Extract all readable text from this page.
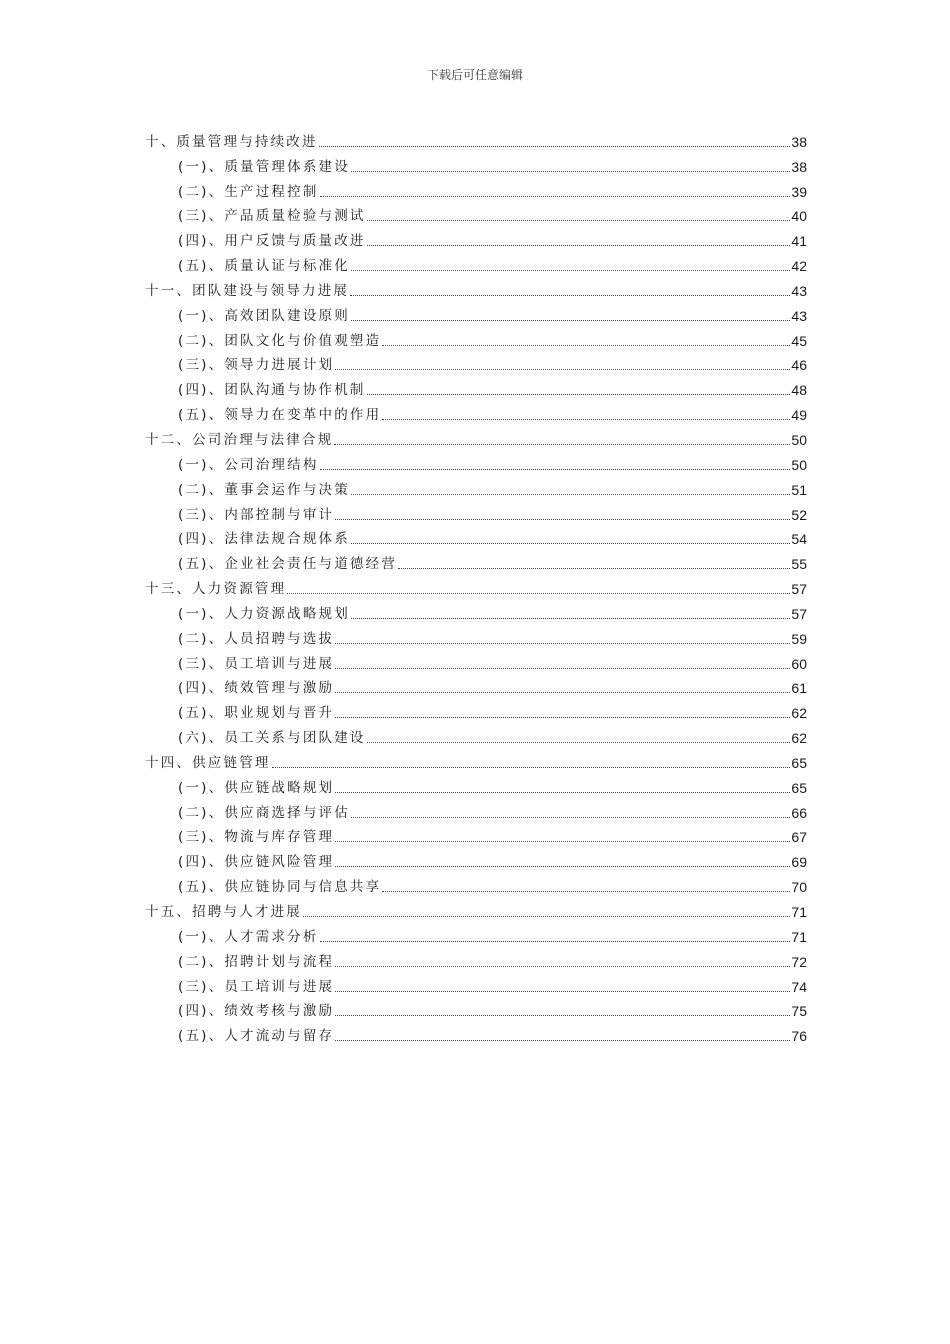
下载后可任意编辑
十、质量管理与持续改进	38
(一)、质量管理体系建设	38
(二)、生产过程控制	39
(三)、产品质量检验与测试	40
(四)、用户反馈与质量改进	41
(五)、质量认证与标准化	42
十一、团队建设与领导力进展	43
(一)、高效团队建设原则	43
(二)、团队文化与价值观塑造	45
(三)、领导力进展计划	46
(四)、团队沟通与协作机制	48
(五)、领导力在变革中的作用	49
十二、公司治理与法律合规	50
(一)、公司治理结构	50
(二)、董事会运作与决策	51
(三)、内部控制与审计	52
(四)、法律法规合规体系	54
(五)、企业社会责任与道德经营	55
十三、人力资源管理	57
(一)、人力资源战略规划	57
(二)、人员招聘与选拔	59
(三)、员工培训与进展	60
(四)、绩效管理与激励	61
(五)、职业规划与晋升	62
(六)、员工关系与团队建设	62
十四、供应链管理	65
(一)、供应链战略规划	65
(二)、供应商选择与评估	66
(三)、物流与库存管理	67
(四)、供应链风险管理	69
(五)、供应链协同与信息共享	70
十五、招聘与人才进展	71
(一)、人才需求分析	71
(二)、招聘计划与流程	72
(三)、员工培训与进展	74
(四)、绩效考核与激励	75
(五)、人才流动与留存	76
